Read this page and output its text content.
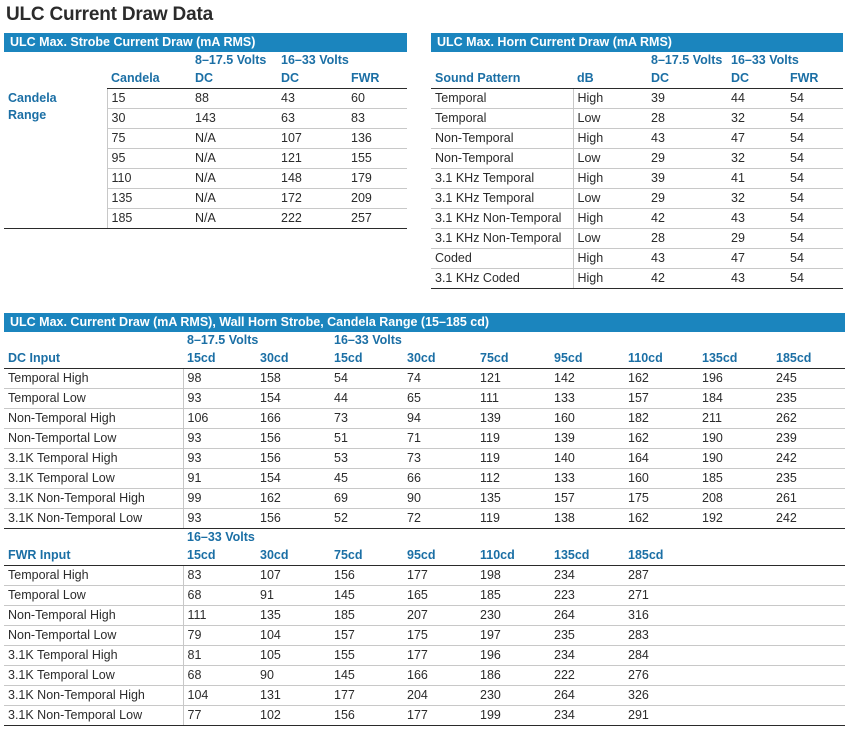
ULC Current Draw Data
ULC Max. Strobe Current Draw (mA RMS)
		8–17.5 Volts	16–33 Volts	
	Candela	DC	DC	FWR

Candela
Range	15	88	43	60
	30	143	63	83
	75	N/A	107	136
	95	N/A	121	155
	110	N/A	148	179
	135	N/A	172	209
	185	N/A	222	257
ULC Max. Horn Current Draw (mA RMS)
		8–17.5 Volts	16–33 Volts	
Sound Pattern	dB	DC	DC	FWR
Temporal	High	39	44	54
Temporal	Low	28	32	54
Non-Temporal	High	43	47	54
Non-Temporal	Low	29	32	54
3.1 KHz Temporal	High	39	41	54
3.1 KHz Temporal	Low	29	32	54
3.1 KHz Non-Temporal	High	42	43	54
3.1 KHz Non-Temporal	Low	28	29	54
Coded	High	43	47	54
3.1 KHz Coded	High	42	43	54
ULC Max. Current Draw (mA RMS), Wall Horn Strobe, Candela Range (15–185 cd)
	8–17.5 Volts		16–33 Volts						
DC Input	15cd	30cd	15cd	30cd	75cd	95cd	110cd	135cd	185cd
Temporal High	98	158	54	74	121	142	162	196	245
Temporal Low	93	154	44	65	111	133	157	184	235
Non-Temporal High	106	166	73	94	139	160	182	211	262
Non-Temportal Low	93	156	51	71	119	139	162	190	239
3.1K Temporal High	93	156	53	73	119	140	164	190	242
3.1K Temporal Low	91	154	45	66	112	133	160	185	235
3.1K Non-Temporal High	99	162	69	90	135	157	175	208	261
3.1K Non-Temporal Low	93	156	52	72	119	138	162	192	242
	16–33 Volts								
FWR Input	15cd	30cd	75cd	95cd	110cd	135cd	185cd		
Temporal High	83	107	156	177	198	234	287		
Temporal Low	68	91	145	165	185	223	271		
Non-Temporal High	111	135	185	207	230	264	316		
Non-Temportal Low	79	104	157	175	197	235	283		
3.1K Temporal High	81	105	155	177	196	234	284		
3.1K Temporal Low	68	90	145	166	186	222	276		
3.1K Non-Temporal High	104	131	177	204	230	264	326		
3.1K Non-Temporal Low	77	102	156	177	199	234	291		
